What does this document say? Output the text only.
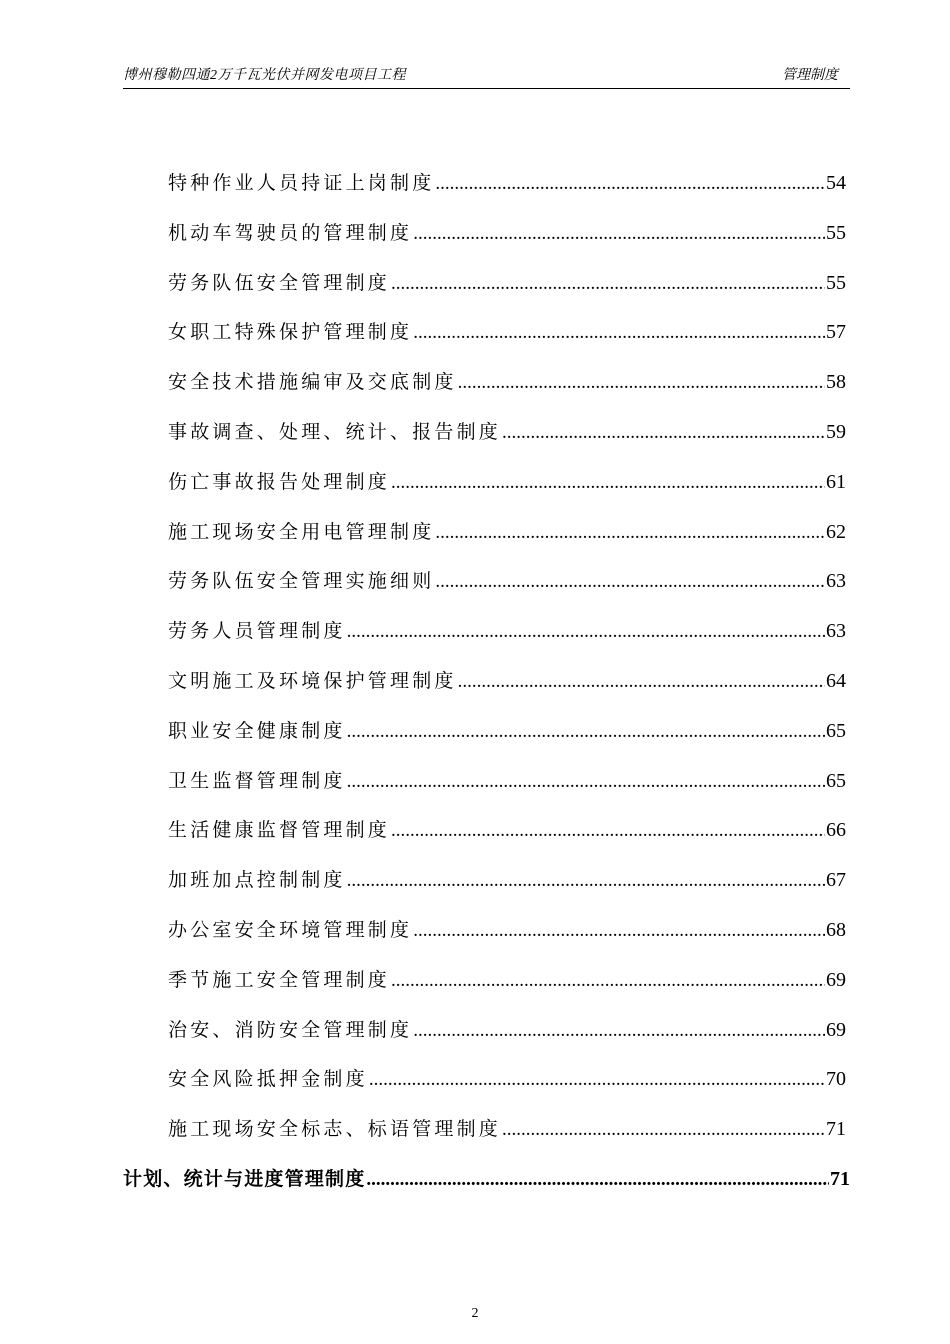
博州穆勒四通2万千瓦光伏并网发电项目工程	管理制度
特种作业人员持证上岗制度 .....	54
机动车驾驶员的管理制度 .....	55
劳务队伍安全管理制度 .....	55
女职工特殊保护管理制度 .....	57
安全技术措施编审及交底制度 .....	58
事故调查、处理、统计、报告制度 .....	59
伤亡事故报告处理制度 .....	61
施工现场安全用电管理制度 .....	62
劳务队伍安全管理实施细则 .....	63
劳务人员管理制度 .....	63
文明施工及环境保护管理制度 .....	64
职业安全健康制度 .....	65
卫生监督管理制度 .....	65
生活健康监督管理制度 .....	66
加班加点控制制度 .....	67
办公室安全环境管理制度 .....	68
季节施工安全管理制度 .....	69
治安、消防安全管理制度 .....	69
安全风险抵押金制度 .....	70
施工现场安全标志、标语管理制度 .....	71
计划、统计与进度管理制度 .....	71
2
